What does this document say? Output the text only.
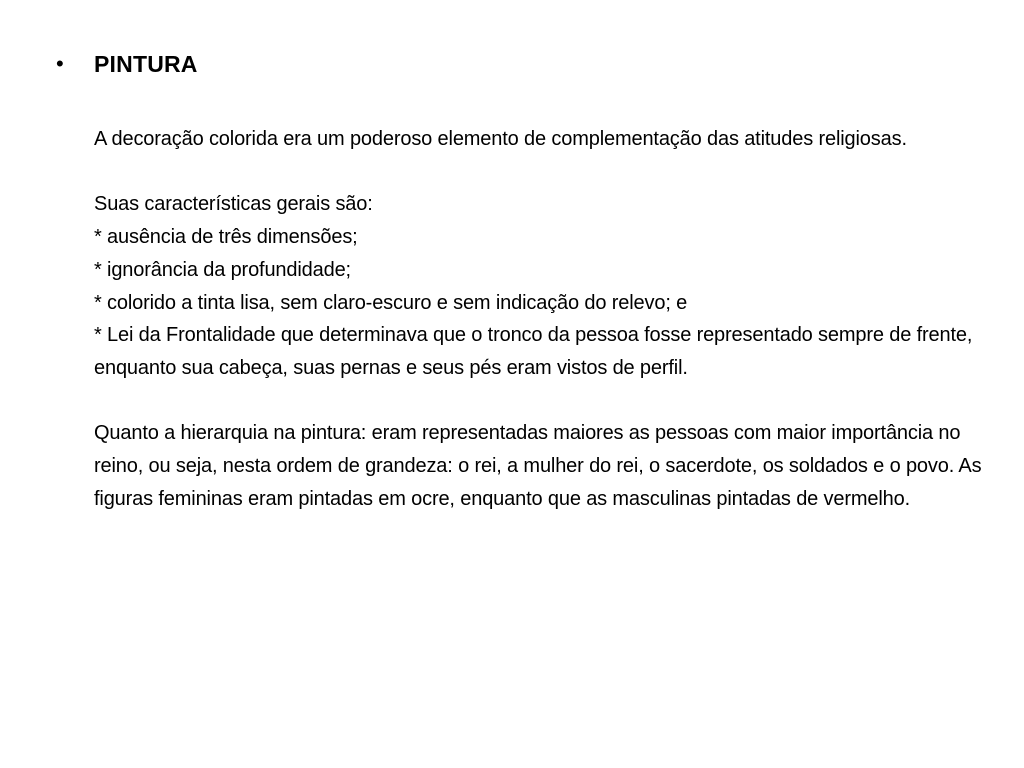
• PINTURA

A decoração colorida era um poderoso elemento de complementação das atitudes religiosas.

Suas características gerais são:

* ausência de três dimensões;

* ignorância da profundidade;

* colorido a tinta lisa, sem claro-escuro e sem indicação do relevo; e

* Lei da Frontalidade que determinava que o tronco da pessoa fosse representado sempre de frente, enquanto sua cabeça, suas pernas e seus pés eram vistos de perfil.

Quanto a hierarquia na pintura: eram representadas maiores as pessoas com maior importância no reino, ou seja, nesta ordem de grandeza: o rei, a mulher do rei, o sacerdote, os soldados e o povo. As figuras femininas eram pintadas em ocre, enquanto que as masculinas pintadas de vermelho.
